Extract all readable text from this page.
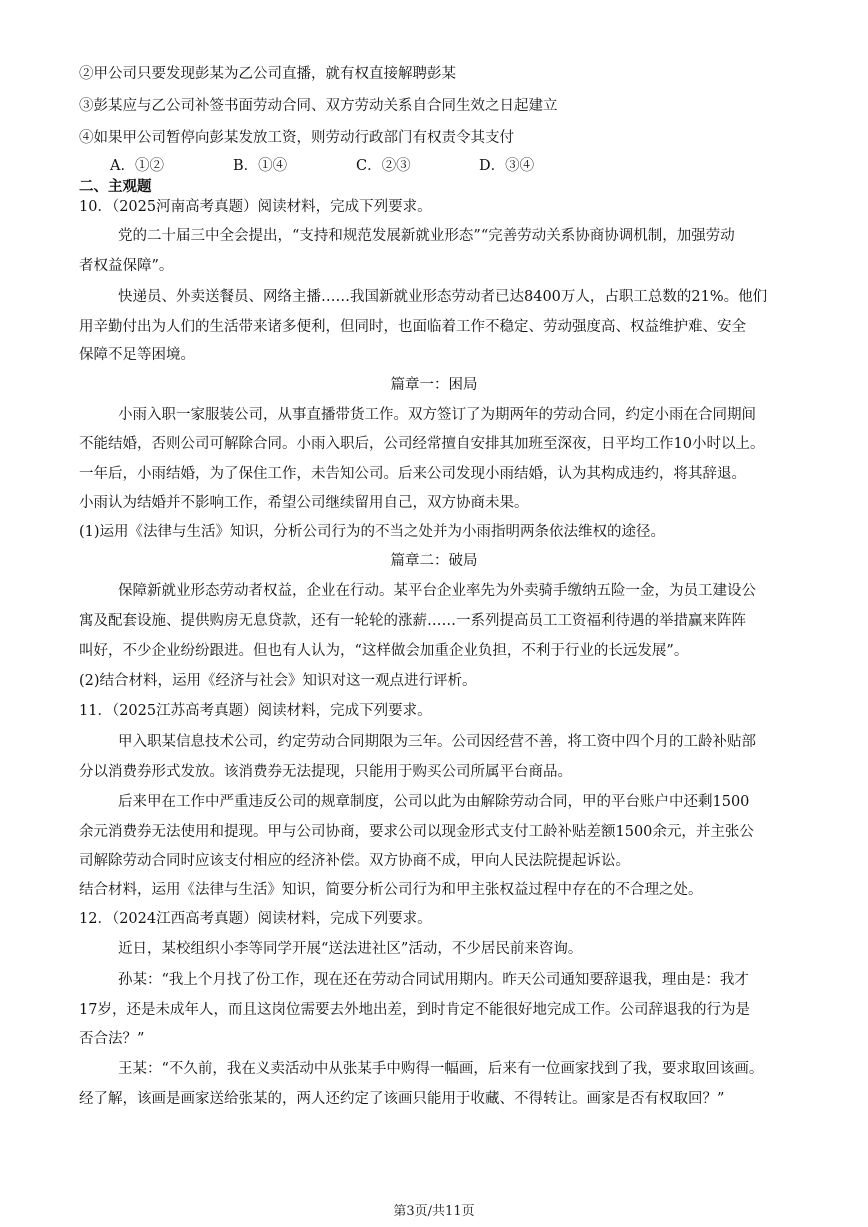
②甲公司只要发现彭某为乙公司直播，就有权直接解聘彭某
③彭某应与乙公司补签书面劳动合同、双方劳动关系自合同生效之日起建立
④如果甲公司暂停向彭某发放工资，则劳动行政部门有权责令其支付
A．①②	B．①④	C．②③	D．③④
二、主观题
10．（2025河南高考真题）阅读材料，完成下列要求。
党的二十届三中全会提出，“支持和规范发展新就业形态”“完善劳动关系协商协调机制，加强劳动
者权益保障”。
快递员、外卖送餐员、网络主播……我国新就业形态劳动者已达8400万人，占职工总数的21%。他们
用辛勤付出为人们的生活带来诸多便利，但同时，也面临着工作不稳定、劳动强度高、权益维护难、安全
保障不足等困境。
篇章一：困局
小雨入职一家服装公司，从事直播带货工作。双方签订了为期两年的劳动合同，约定小雨在合同期间
不能结婚，否则公司可解除合同。小雨入职后，公司经常擅自安排其加班至深夜，日平均工作10小时以上。
一年后，小雨结婚，为了保住工作，未告知公司。后来公司发现小雨结婚，认为其构成违约，将其辞退。
小雨认为结婚并不影响工作，希望公司继续留用自己，双方协商未果。
(1)运用《法律与生活》知识，分析公司行为的不当之处并为小雨指明两条依法维权的途径。
篇章二：破局
保障新就业形态劳动者权益，企业在行动。某平台企业率先为外卖骑手缴纳五险一金，为员工建设公
寓及配套设施、提供购房无息贷款，还有一轮轮的涨薪……一系列提高员工工资福利待遇的举措赢来阵阵
叫好，不少企业纷纷跟进。但也有人认为，“这样做会加重企业负担，不利于行业的长远发展”。
(2)结合材料，运用《经济与社会》知识对这一观点进行评析。
11．（2025江苏高考真题）阅读材料，完成下列要求。
甲入职某信息技术公司，约定劳动合同期限为三年。公司因经营不善，将工资中四个月的工龄补贴部
分以消费券形式发放。该消费券无法提现，只能用于购买公司所属平台商品。
后来甲在工作中严重违反公司的规章制度，公司以此为由解除劳动合同，甲的平台账户中还剩1500
余元消费券无法使用和提现。甲与公司协商，要求公司以现金形式支付工龄补贴差额1500余元，并主张公
司解除劳动合同时应该支付相应的经济补偿。双方协商不成，甲向人民法院提起诉讼。
结合材料，运用《法律与生活》知识，简要分析公司行为和甲主张权益过程中存在的不合理之处。
12．（2024江西高考真题）阅读材料，完成下列要求。
近日，某校组织小李等同学开展“送法进社区”活动，不少居民前来咨询。
孙某：“我上个月找了份工作，现在还在劳动合同试用期内。昨天公司通知要辞退我，理由是：我才
17岁，还是未成年人，而且这岗位需要去外地出差，到时肯定不能很好地完成工作。公司辞退我的行为是
否合法？”
王某：“不久前，我在义卖活动中从张某手中购得一幅画，后来有一位画家找到了我，要求取回该画。
经了解，该画是画家送给张某的，两人还约定了该画只能用于收藏、不得转让。画家是否有权取回？”
第3页/共11页
